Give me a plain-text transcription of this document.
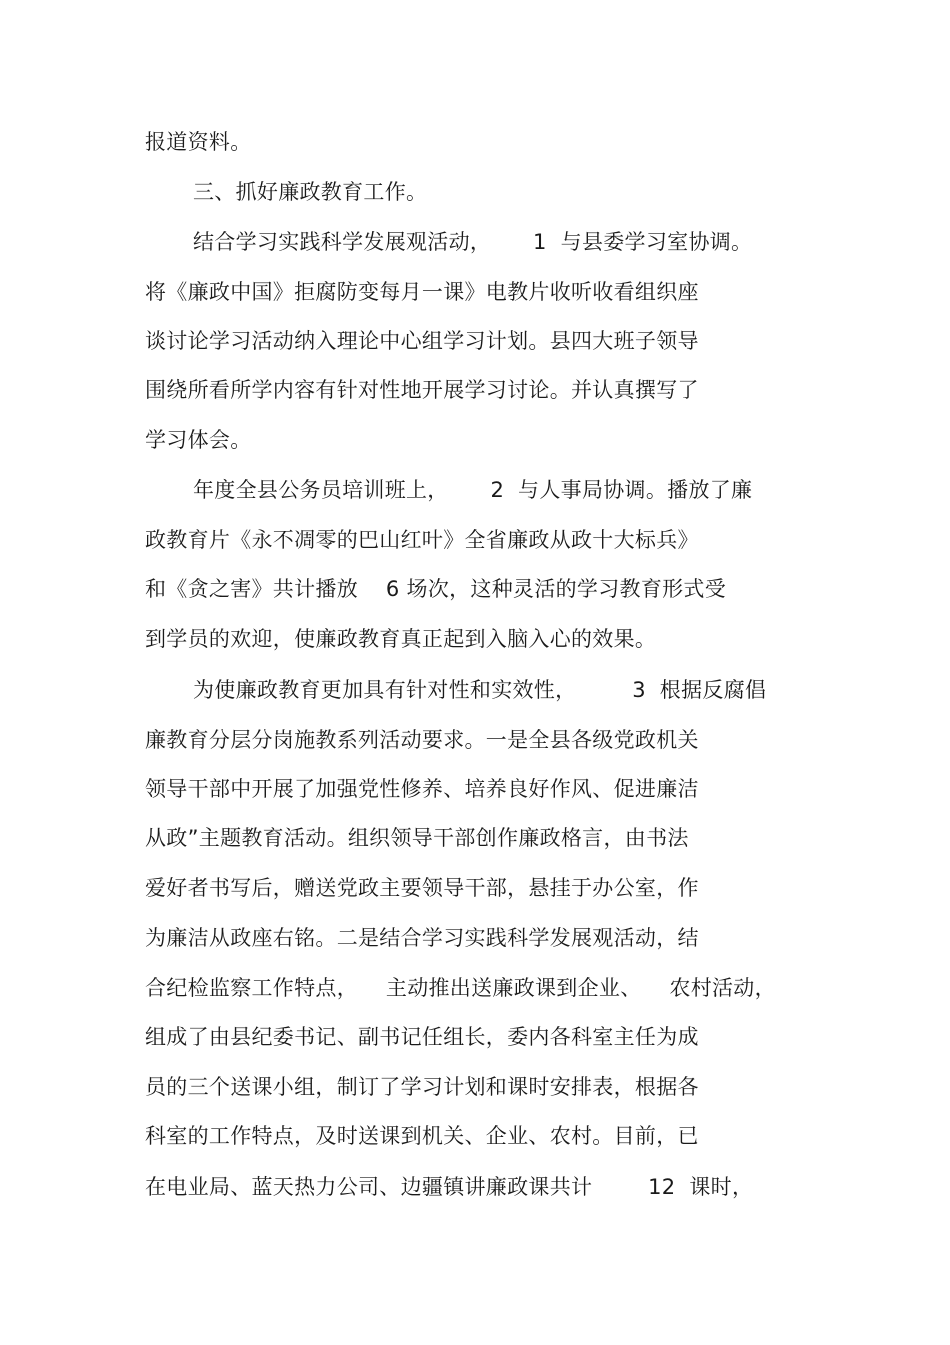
报道资料。
三、抓好廉政教育工作。
结合学习实践科学发展观活动，      1  与县委学习室协调。
将《廉政中国》拒腐防变每月一课》电教片收听收看组织座
谈讨论学习活动纳入理论中心组学习计划。县四大班子领导
围绕所看所学内容有针对性地开展学习讨论。并认真撰写了
学习体会。
年度全县公务员培训班上，      2  与人事局协调。播放了廉
政教育片《永不凋零的巴山红叶》全省廉政从政十大标兵》
和《贪之害》共计播放    6 场次，这种灵活的学习教育形式受
到学员的欢迎，使廉政教育真正起到入脑入心的效果。
为使廉政教育更加具有针对性和实效性，        3  根据反腐倡
廉教育分层分岗施教系列活动要求。一是全县各级党政机关
领导干部中开展了加强党性修养、培养良好作风、促进廉洁
从政”主题教育活动。组织领导干部创作廉政格言，由书法
爱好者书写后，赠送党政主要领导干部，悬挂于办公室，作
为廉洁从政座右铭。二是结合学习实践科学发展观活动，结
合纪检监察工作特点，    主动推出送廉政课到企业、    农村活动，
组成了由县纪委书记、副书记任组长，委内各科室主任为成
员的三个送课小组，制订了学习计划和课时安排表，根据各
科室的工作特点，及时送课到机关、企业、农村。目前，已
在电业局、蓝天热力公司、边疆镇讲廉政课共计        12  课时，
